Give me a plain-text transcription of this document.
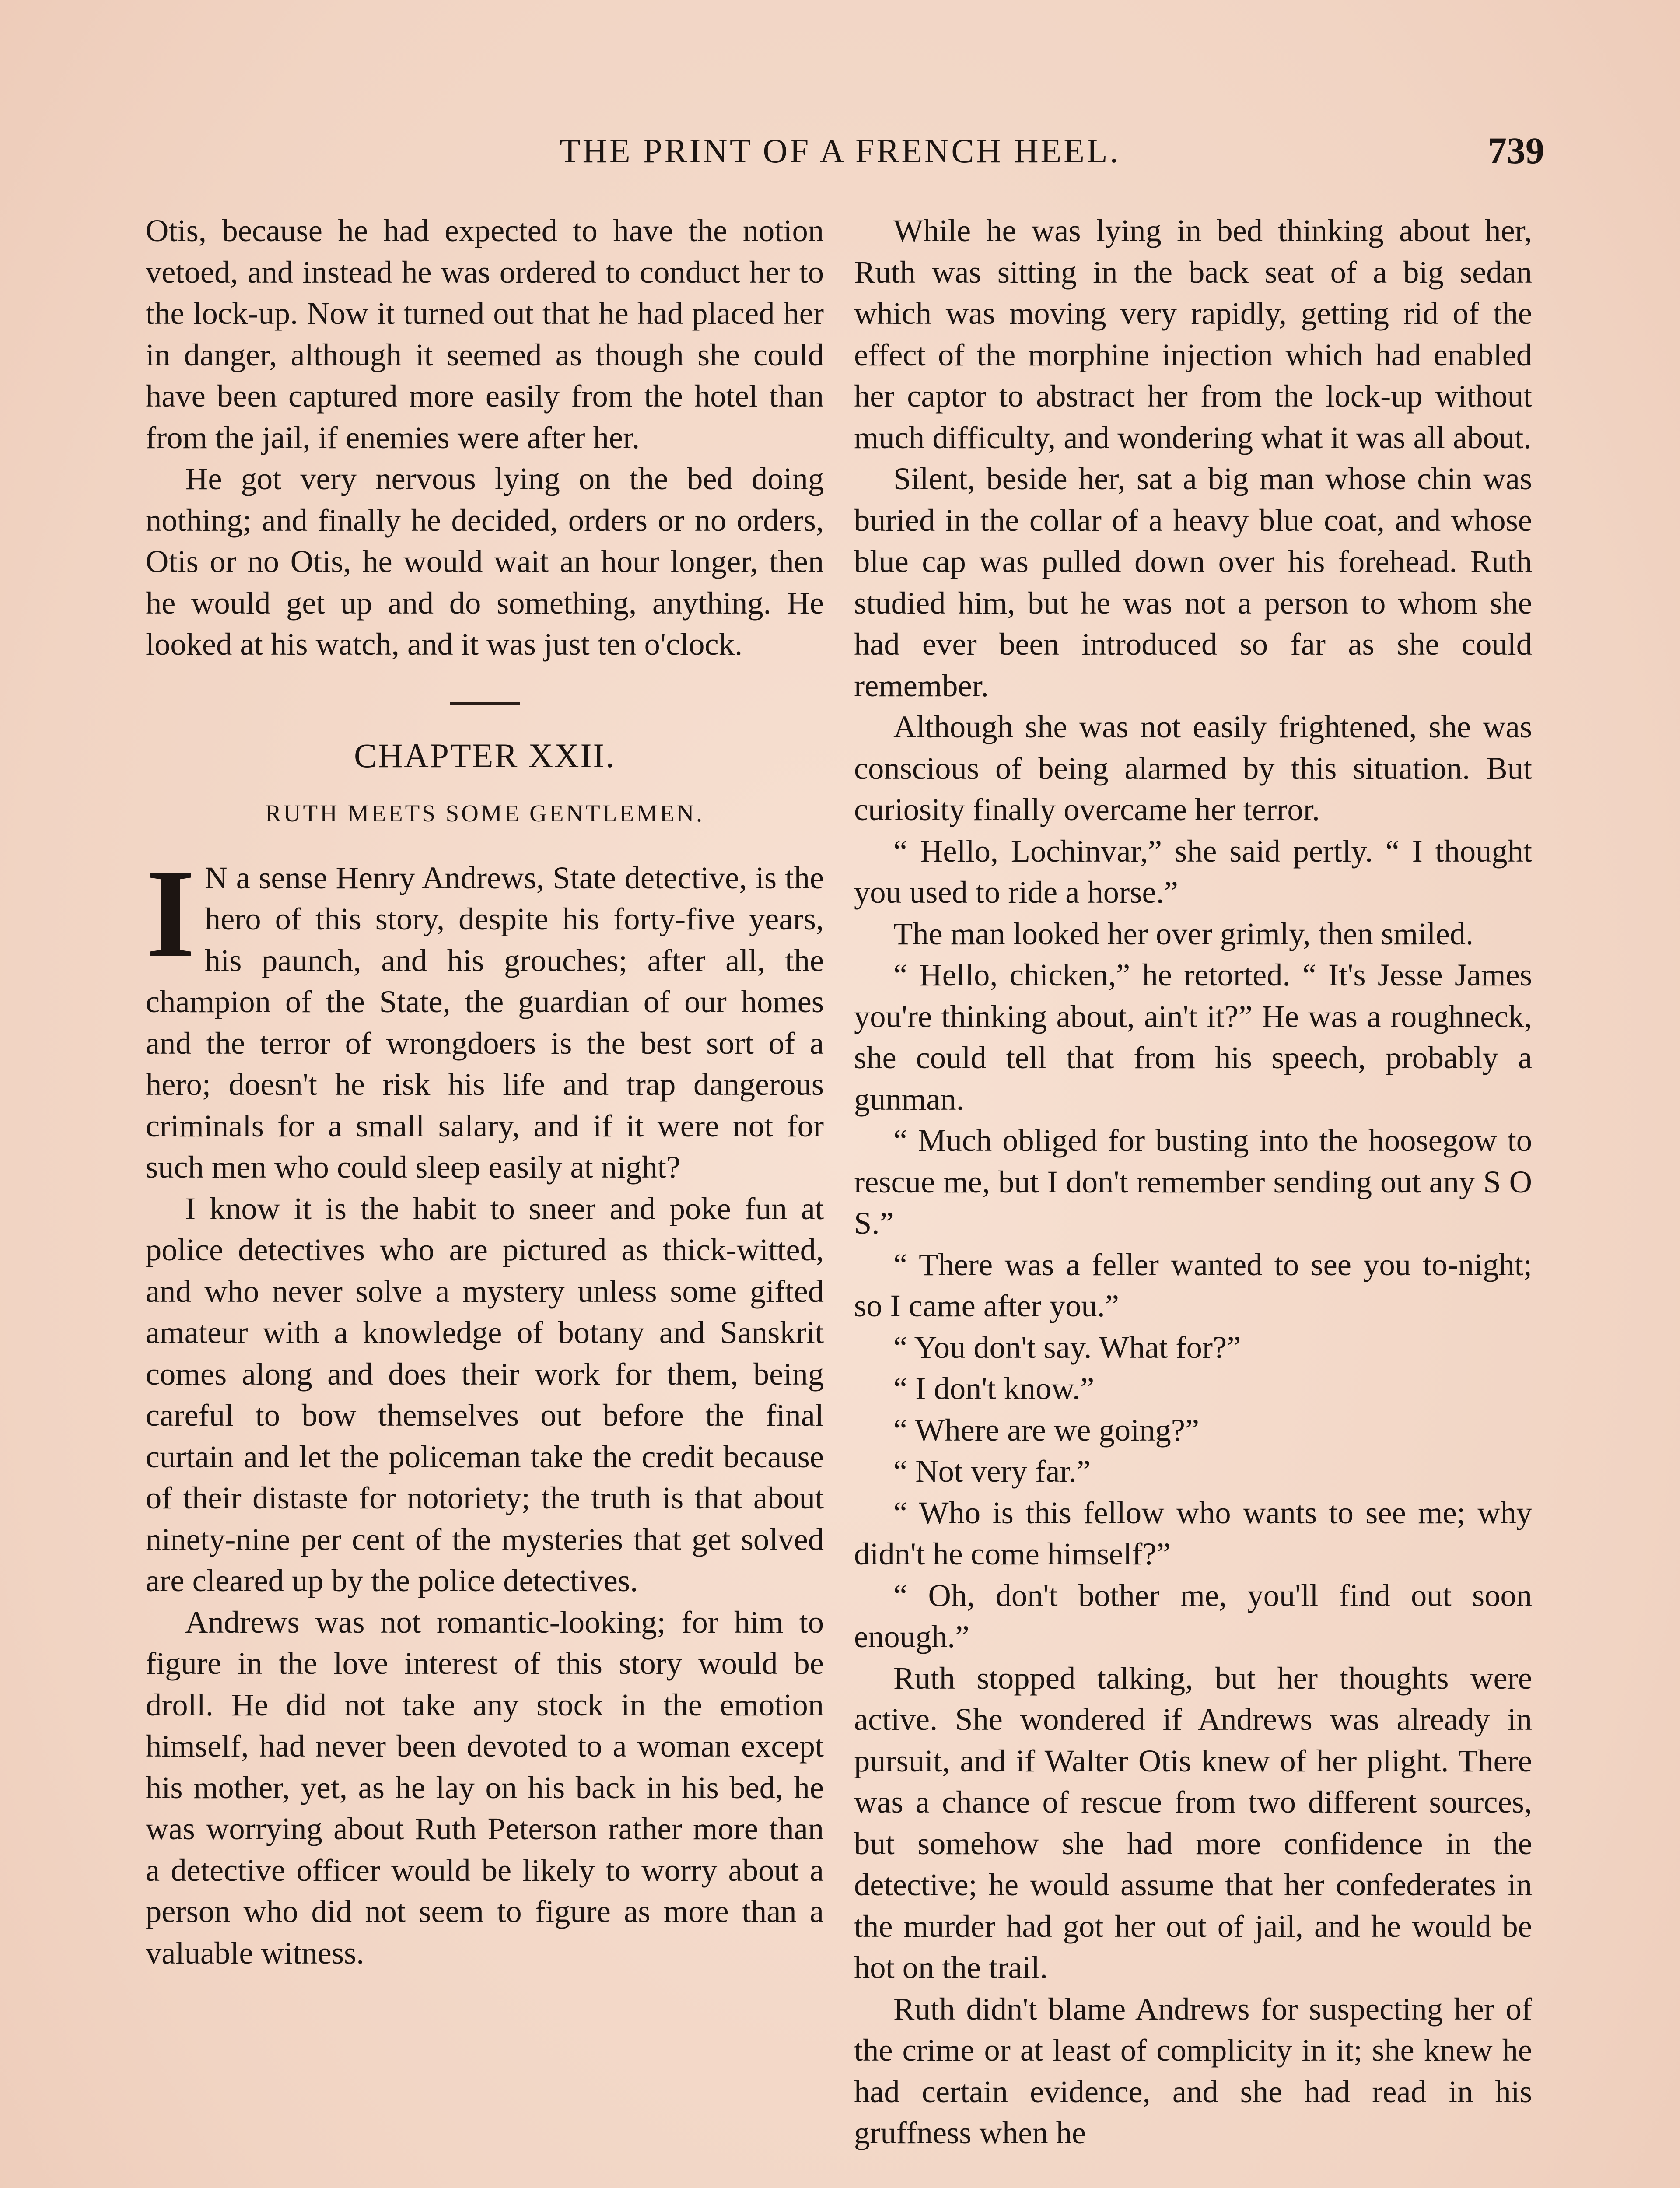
THE PRINT OF A FRENCH HEEL.	739

Otis, because he had expected to have the notion vetoed, and instead he was ordered to conduct her to the lock-up. Now it turned out that he had placed her in danger, although it seemed as though she could have been captured more easily from the hotel than from the jail, if enemies were after her.

He got very nervous lying on the bed doing nothing; and finally he decided, orders or no orders, Otis or no Otis, he would wait an hour longer, then he would get up and do something, anything. He looked at his watch, and it was just ten o'clock.

CHAPTER XXII.
RUTH MEETS SOME GENTLEMEN.

I N a sense Henry Andrews, State detective, is the hero of this story, despite his forty-five years, his paunch, and his grouches; after all, the champion of the State, the guardian of our homes and the terror of wrongdoers is the best sort of a hero; doesn't he risk his life and trap dangerous criminals for a small salary, and if it were not for such men who could sleep easily at night?

I know it is the habit to sneer and poke fun at police detectives who are pictured as thick-witted, and who never solve a mystery unless some gifted amateur with a knowledge of botany and Sanskrit comes along and does their work for them, being careful to bow themselves out before the final curtain and let the policeman take the credit because of their distaste for notoriety; the truth is that about ninety-nine per cent of the mysteries that get solved are cleared up by the police detectives.

Andrews was not romantic-looking; for him to figure in the love interest of this story would be droll. He did not take any stock in the emotion himself, had never been devoted to a woman except his mother, yet, as he lay on his back in his bed, he was worrying about Ruth Peterson rather more than a detective officer would be likely to worry about a person who did not seem to figure as more than a valuable witness.

While he was lying in bed thinking about her, Ruth was sitting in the back seat of a big sedan which was moving very rapidly, getting rid of the effect of the morphine injection which had enabled her captor to abstract her from the lock-up without much difficulty, and wondering what it was all about.

Silent, beside her, sat a big man whose chin was buried in the collar of a heavy blue coat, and whose blue cap was pulled down over his forehead. Ruth studied him, but he was not a person to whom she had ever been introduced so far as she could remember.

Although she was not easily frightened, she was conscious of being alarmed by this situation. But curiosity finally overcame her terror.

“ Hello, Lochinvar,” she said pertly. “ I thought you used to ride a horse.”

The man looked her over grimly, then smiled.

“ Hello, chicken,” he retorted. “ It's Jesse James you're thinking about, ain't it?” He was a roughneck, she could tell that from his speech, probably a gunman.

“ Much obliged for busting into the hoosegow to rescue me, but I don't remember sending out any S O S.”

“ There was a feller wanted to see you to-night; so I came after you.”

“ You don't say. What for?”

“ I don't know.”

“ Where are we going?”

“ Not very far.”

“ Who is this fellow who wants to see me; why didn't he come himself?”

“ Oh, don't bother me, you'll find out soon enough.”

Ruth stopped talking, but her thoughts were active. She wondered if Andrews was already in pursuit, and if Walter Otis knew of her plight. There was a chance of rescue from two different sources, but somehow she had more confidence in the detective; he would assume that her confederates in the murder had got her out of jail, and he would be hot on the trail.

Ruth didn't blame Andrews for suspecting her of the crime or at least of complicity in it; she knew he had certain evidence, and she had read in his gruffness when he
